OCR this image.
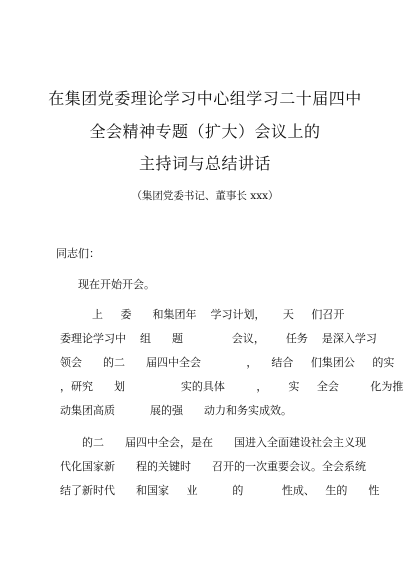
在集团党委理论学习中心组学习二十届四中
全会精神专题（扩大）会议上的
主持词与总结讲话
（集团党委书记、董事长 xxx）
同志们：
现在开始开会。
上     委      和集团年    学习计划，     天     们召开
委理论学习中    组      题              会议，      任务    是深入学习
领会      的二      届四中全会             ，    结合     们集团公     的实
，研究      划                实的具体         ，      实     全会         化为推
动集团高质          展的强      动力和务实成效。
的二      届四中全会，是在      国进入全面建设社会主义现
代化国家新      程的关键时      召开的一次重要会议。全会系统
结了新时代      和国家     业          的           性成、   生的      性
